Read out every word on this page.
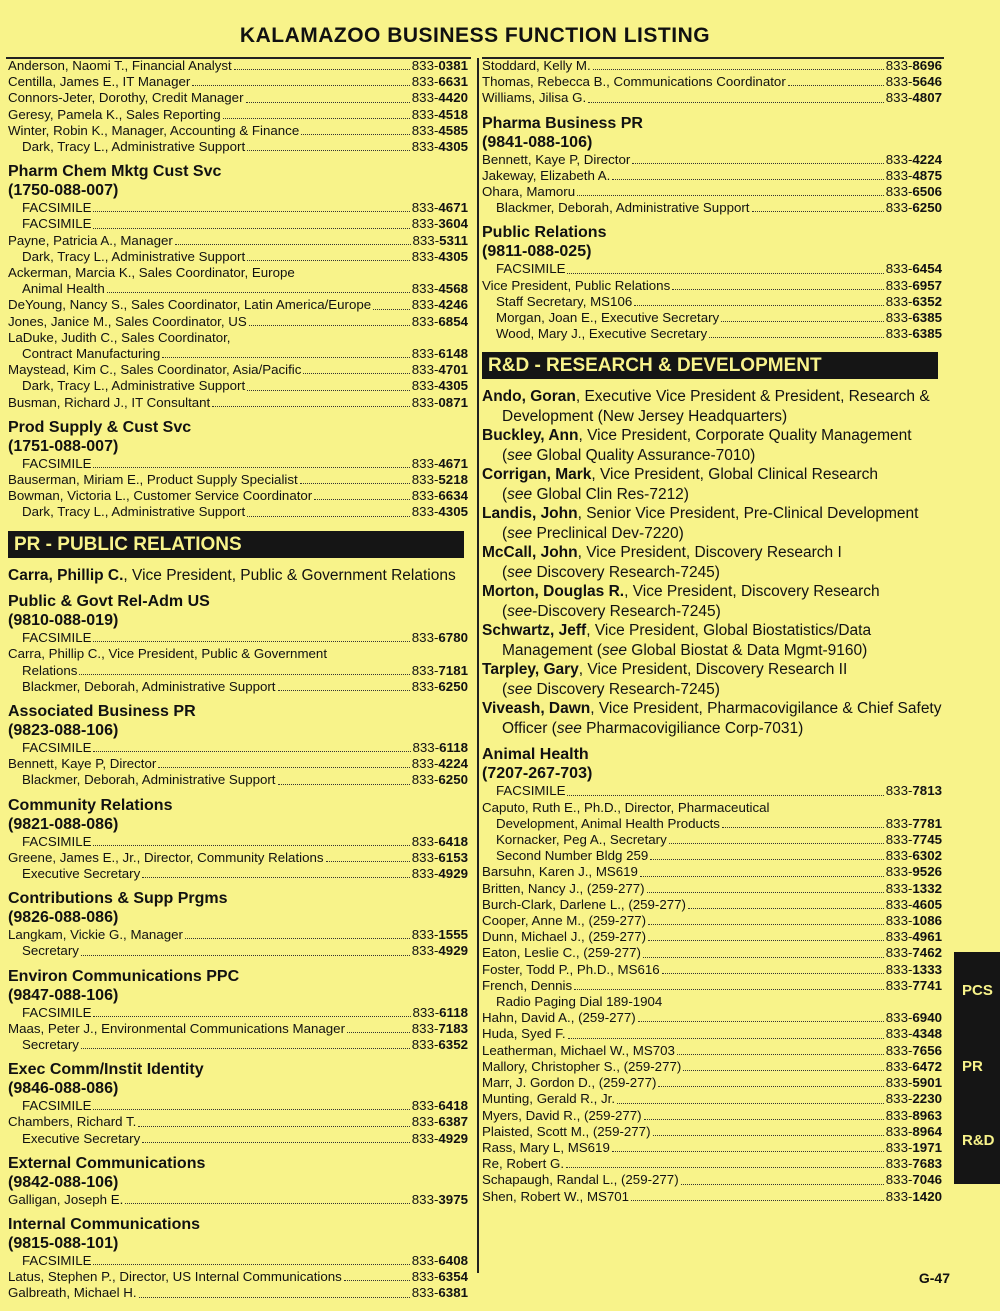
KALAMAZOO BUSINESS FUNCTION LISTING
Anderson, Naomi T., Financial Analyst	833-0381
Centilla, James E., IT Manager	833-6631
Connors-Jeter, Dorothy, Credit Manager	833-4420
Geresy, Pamela K., Sales Reporting	833-4518
Winter, Robin K., Manager, Accounting & Finance	833-4585
Dark, Tracy L., Administrative Support	833-4305
Pharm Chem Mktg Cust Svc
(1750-088-007)
FACSIMILE	833-4671
FACSIMILE	833-3604
Payne, Patricia A., Manager	833-5311
Dark, Tracy L., Administrative Support	833-4305
Ackerman, Marcia K., Sales Coordinator, Europe
Animal Health	833-4568
DeYoung, Nancy S., Sales Coordinator, Latin America/Europe	833-4246
Jones, Janice M., Sales Coordinator, US	833-6854
LaDuke, Judith C., Sales Coordinator,
Contract Manufacturing	833-6148
Maystead, Kim C., Sales Coordinator, Asia/Pacific	833-4701
Dark, Tracy L., Administrative Support	833-4305
Busman, Richard J., IT Consultant	833-0871
Prod Supply & Cust Svc
(1751-088-007)
FACSIMILE	833-4671
Bauserman, Miriam E., Product Supply Specialist	833-5218
Bowman, Victoria L., Customer Service Coordinator	833-6634
Dark, Tracy L., Administrative Support	833-4305
PR - PUBLIC RELATIONS
Carra, Phillip C., Vice President, Public & Government Relations
Public & Govt Rel-Adm US
(9810-088-019)
FACSIMILE	833-6780
Carra, Phillip C., Vice President, Public & Government
Relations	833-7181
Blackmer, Deborah, Administrative Support	833-6250
Associated Business PR
(9823-088-106)
FACSIMILE	833-6118
Bennett, Kaye P, Director	833-4224
Blackmer, Deborah, Administrative Support	833-6250
Community Relations
(9821-088-086)
FACSIMILE	833-6418
Greene, James E., Jr., Director, Community Relations	833-6153
Executive Secretary	833-4929
Contributions & Supp Prgms
(9826-088-086)
Langkam, Vickie G., Manager	833-1555
Secretary	833-4929
Environ Communications PPC
(9847-088-106)
FACSIMILE	833-6118
Maas, Peter J., Environmental Communications Manager	833-7183
Secretary	833-6352
Exec Comm/Instit Identity
(9846-088-086)
FACSIMILE	833-6418
Chambers, Richard T.	833-6387
Executive Secretary	833-4929
External Communications
(9842-088-106)
Galligan, Joseph E.	833-3975
Internal Communications
(9815-088-101)
FACSIMILE	833-6408
Latus, Stephen P., Director, US Internal Communications	833-6354
Galbreath, Michael H.	833-6381
Stoddard, Kelly M.	833-8696
Thomas, Rebecca B., Communications Coordinator	833-5646
Williams, Jilisa G.	833-4807
Pharma Business PR
(9841-088-106)
Bennett, Kaye P, Director	833-4224
Jakeway, Elizabeth A.	833-4875
Ohara, Mamoru	833-6506
Blackmer, Deborah, Administrative Support	833-6250
Public Relations
(9811-088-025)
FACSIMILE	833-6454
Vice President, Public Relations	833-6957
Staff Secretary, MS106	833-6352
Morgan, Joan E., Executive Secretary	833-6385
Wood, Mary J., Executive Secretary	833-6385
R&D - RESEARCH & DEVELOPMENT
Ando, Goran, Executive Vice President & President, Research &
Development (New Jersey Headquarters)
Buckley, Ann, Vice President, Corporate Quality Management
(see Global Quality Assurance-7010)
Corrigan, Mark, Vice President, Global Clinical Research
(see Global Clin Res-7212)
Landis, John, Senior Vice President, Pre-Clinical Development
(see Preclinical Dev-7220)
McCall, John, Vice President, Discovery Research I
(see Discovery Research-7245)
Morton, Douglas R., Vice President, Discovery Research
(see-Discovery Research-7245)
Schwartz, Jeff, Vice President, Global Biostatistics/Data
Management (see Global Biostat & Data Mgmt-9160)
Tarpley, Gary, Vice President, Discovery Research II
(see Discovery Research-7245)
Viveash, Dawn, Vice President, Pharmacovigilance & Chief Safety
Officer (see Pharmacovigiliance Corp-7031)
Animal Health
(7207-267-703)
FACSIMILE	833-7813
Caputo, Ruth E., Ph.D., Director, Pharmaceutical
Development, Animal Health Products	833-7781
Kornacker, Peg A., Secretary	833-7745
Second Number Bldg 259	833-6302
Barsuhn, Karen J., MS619	833-9526
Britten, Nancy J., (259-277)	833-1332
Burch-Clark, Darlene L., (259-277)	833-4605
Cooper, Anne M., (259-277)	833-1086
Dunn, Michael J., (259-277)	833-4961
Eaton, Leslie C., (259-277)	833-7462
Foster, Todd P., Ph.D., MS616	833-1333
French, Dennis	833-7741
Radio Paging Dial 189-1904
Hahn, David A., (259-277)	833-6940
Huda, Syed F.	833-4348
Leatherman, Michael W., MS703	833-7656
Mallory, Christopher S., (259-277)	833-6472
Marr, J. Gordon D., (259-277)	833-5901
Munting, Gerald R., Jr.	833-2230
Myers, David R., (259-277)	833-8963
Plaisted, Scott M., (259-277)	833-8964
Rass, Mary L, MS619	833-1971
Re, Robert G.	833-7683
Schapaugh, Randal L., (259-277)	833-7046
Shen, Robert W., MS701	833-1420
PCS
PR
R&D
G-47
